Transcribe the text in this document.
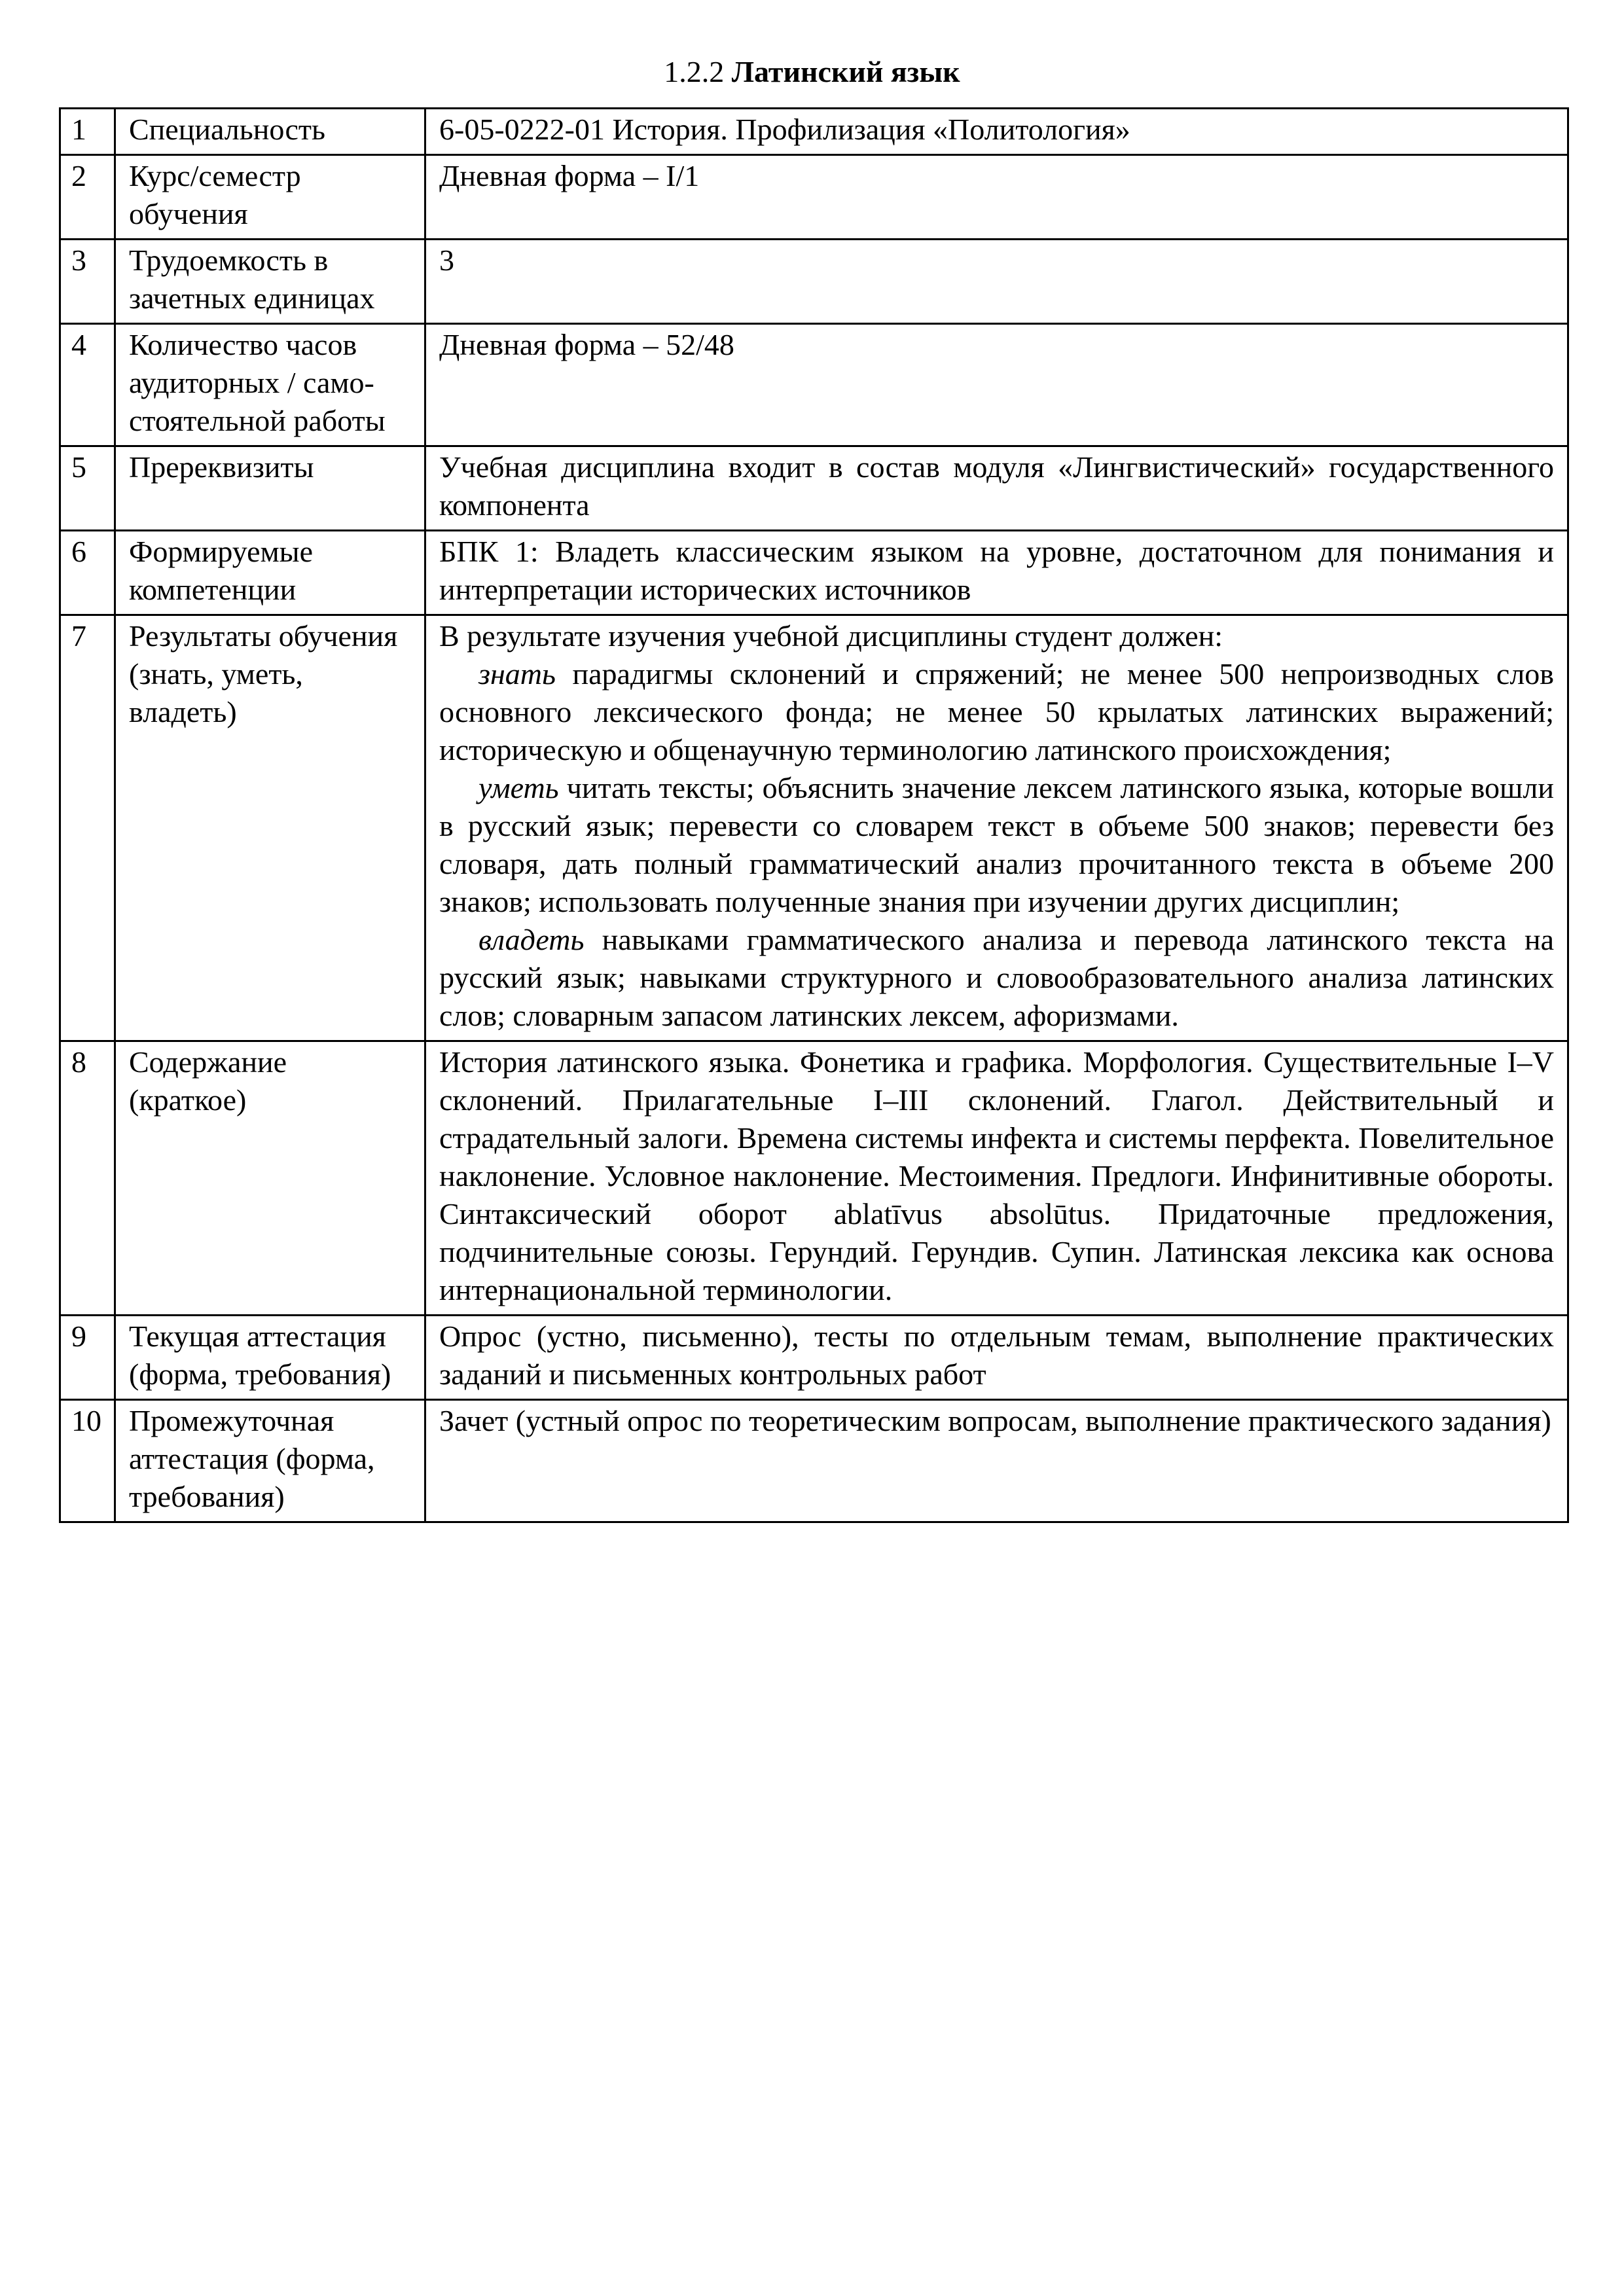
1.2.2 Латинский язык
1	Специальность	6-05-0222-01 История. Профилизация «Политология»
2	Курс/семестр обучения	Дневная форма – I/1
3	Трудоемкость в зачетных единицах	3
4	Количество часов аудиторных / само-стоятельной работы	Дневная форма – 52/48
5	Пререквизиты	Учебная дисциплина входит в состав модуля «Лингвистический» государственного компонента
6	Формируемые компетенции	БПК 1: Владеть классическим языком на уровне, достаточном для понимания и интерпретации исторических источников
7	Результаты обучения (знать, уметь, владеть)	В результате изучения учебной дисциплины студент должен:
знать парадигмы склонений и спряжений; не менее 500 непроизводных слов основного лексического фонда; не менее 50 крылатых латинских выражений; историческую и общенаучную терминологию латинского происхождения;
уметь читать тексты; объяснить значение лексем латинского языка, которые вошли в русский язык; перевести со словарем текст в объеме 500 знаков; перевести без словаря, дать полный грамматический анализ прочитанного текста в объеме 200 знаков; использовать полученные знания при изучении других дисциплин;
владеть навыками грамматического анализа и перевода латинского текста на русский язык; навыками структурного и словообразовательного анализа латинских слов; словарным запасом латинских лексем, афоризмами.

8	Содержание (краткое)	История латинского языка. Фонетика и графика. Морфология. Существительные I–V склонений. Прилагательные I–III склонений. Глагол. Действительный и страдательный залоги. Времена системы инфекта и системы перфекта. Повелительное наклонение. Условное наклонение. Местоимения. Предлоги. Инфинитивные обороты. Синтаксический оборот ablatīvus absolūtus. Придаточные предложения, подчинительные союзы. Герундий. Герундив. Супин. Латинская лексика как основа интернациональной терминологии.
9	Текущая аттестация (форма, требования)	Опрос (устно, письменно), тесты по отдельным темам, выполнение практических заданий и письменных контрольных работ
10	Промежуточная аттестация (форма, требования)	Зачет (устный опрос по теоретическим вопросам, выполнение практического задания)
